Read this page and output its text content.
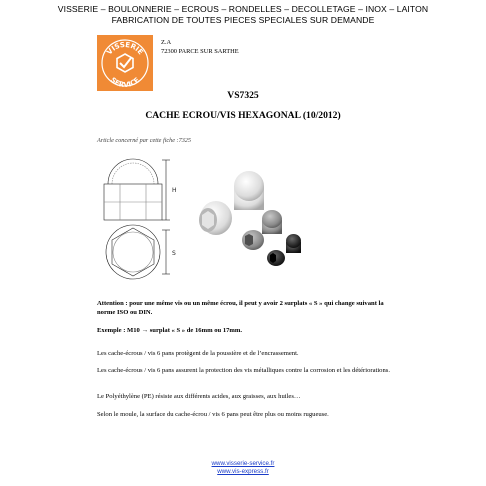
VISSERIE – BOULONNERIE – ECROUS – RONDELLES – DECOLLETAGE – INOX – LAITON
FABRICATION DE TOUTES PIECES SPECIALES SUR DEMANDE
VISSERIE
SERVICE
Z.A
72300 PARCE SUR SARTHE
VS7325
CACHE ECROU/VIS HEXAGONAL (10/2012)
Article concerné par cette fiche :7325
H
S
Attention : pour une même vis ou un même écrou, il peut y avoir 2 surplats « S » qui change suivant la norme ISO ou DIN.
Exemple : M10 → surplat « S » de 16mm ou 17mm.
Les cache-écrous / vis 6 pans protègent de la poussière et de l’encrassement.
Les cache-écrous / vis 6 pans assurent la protection des vis métalliques contre la corrosion et les détériorations.
Le Polyéthylène (PE) résiste aux différents acides, aux graisses, aux huiles…
Selon le moule, la surface du cache-écrou / vis 6 pans peut être plus ou moins rugueuse.
www.visserie-service.fr
www.vis-express.fr
